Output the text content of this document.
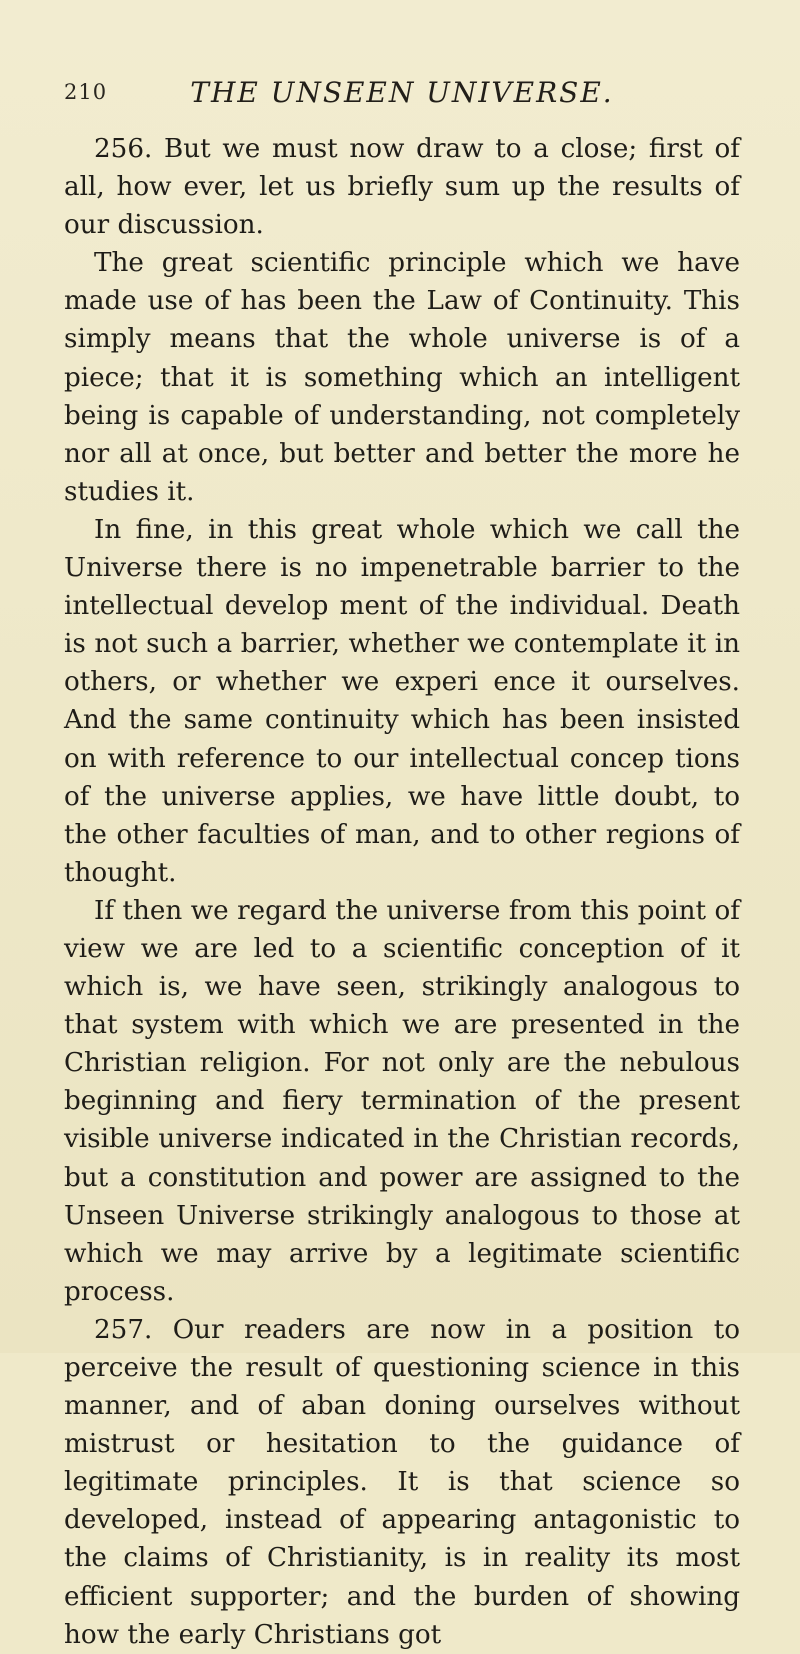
210	THE UNSEEN UNIVERSE.

256. But we must now draw to a close; first of all, how ever, let us briefly sum up the results of our discussion.

The great scientific principle which we have made use of has been the Law of Continuity. This simply means that the whole universe is of a piece; that it is something which an intelligent being is capable of understanding, not completely nor all at once, but better and better the more he studies it.

In fine, in this great whole which we call the Universe there is no impenetrable barrier to the intellectual develop ment of the individual. Death is not such a barrier, whether we contemplate it in others, or whether we experi ence it ourselves. And the same continuity which has been insisted on with reference to our intellectual concep tions of the universe applies, we have little doubt, to the other faculties of man, and to other regions of thought.

If then we regard the universe from this point of view we are led to a scientific conception of it which is, we have seen, strikingly analogous to that system with which we are presented in the Christian religion. For not only are the nebulous beginning and fiery termination of the present visible universe indicated in the Christian records, but a constitution and power are assigned to the Unseen Universe strikingly analogous to those at which we may arrive by a legitimate scientific process.

257. Our readers are now in a position to perceive the result of questioning science in this manner, and of aban doning ourselves without mistrust or hesitation to the guidance of legitimate principles. It is that science so developed, instead of appearing antagonistic to the claims of Christianity, is in reality its most efficient supporter; and the burden of showing how the early Christians got
